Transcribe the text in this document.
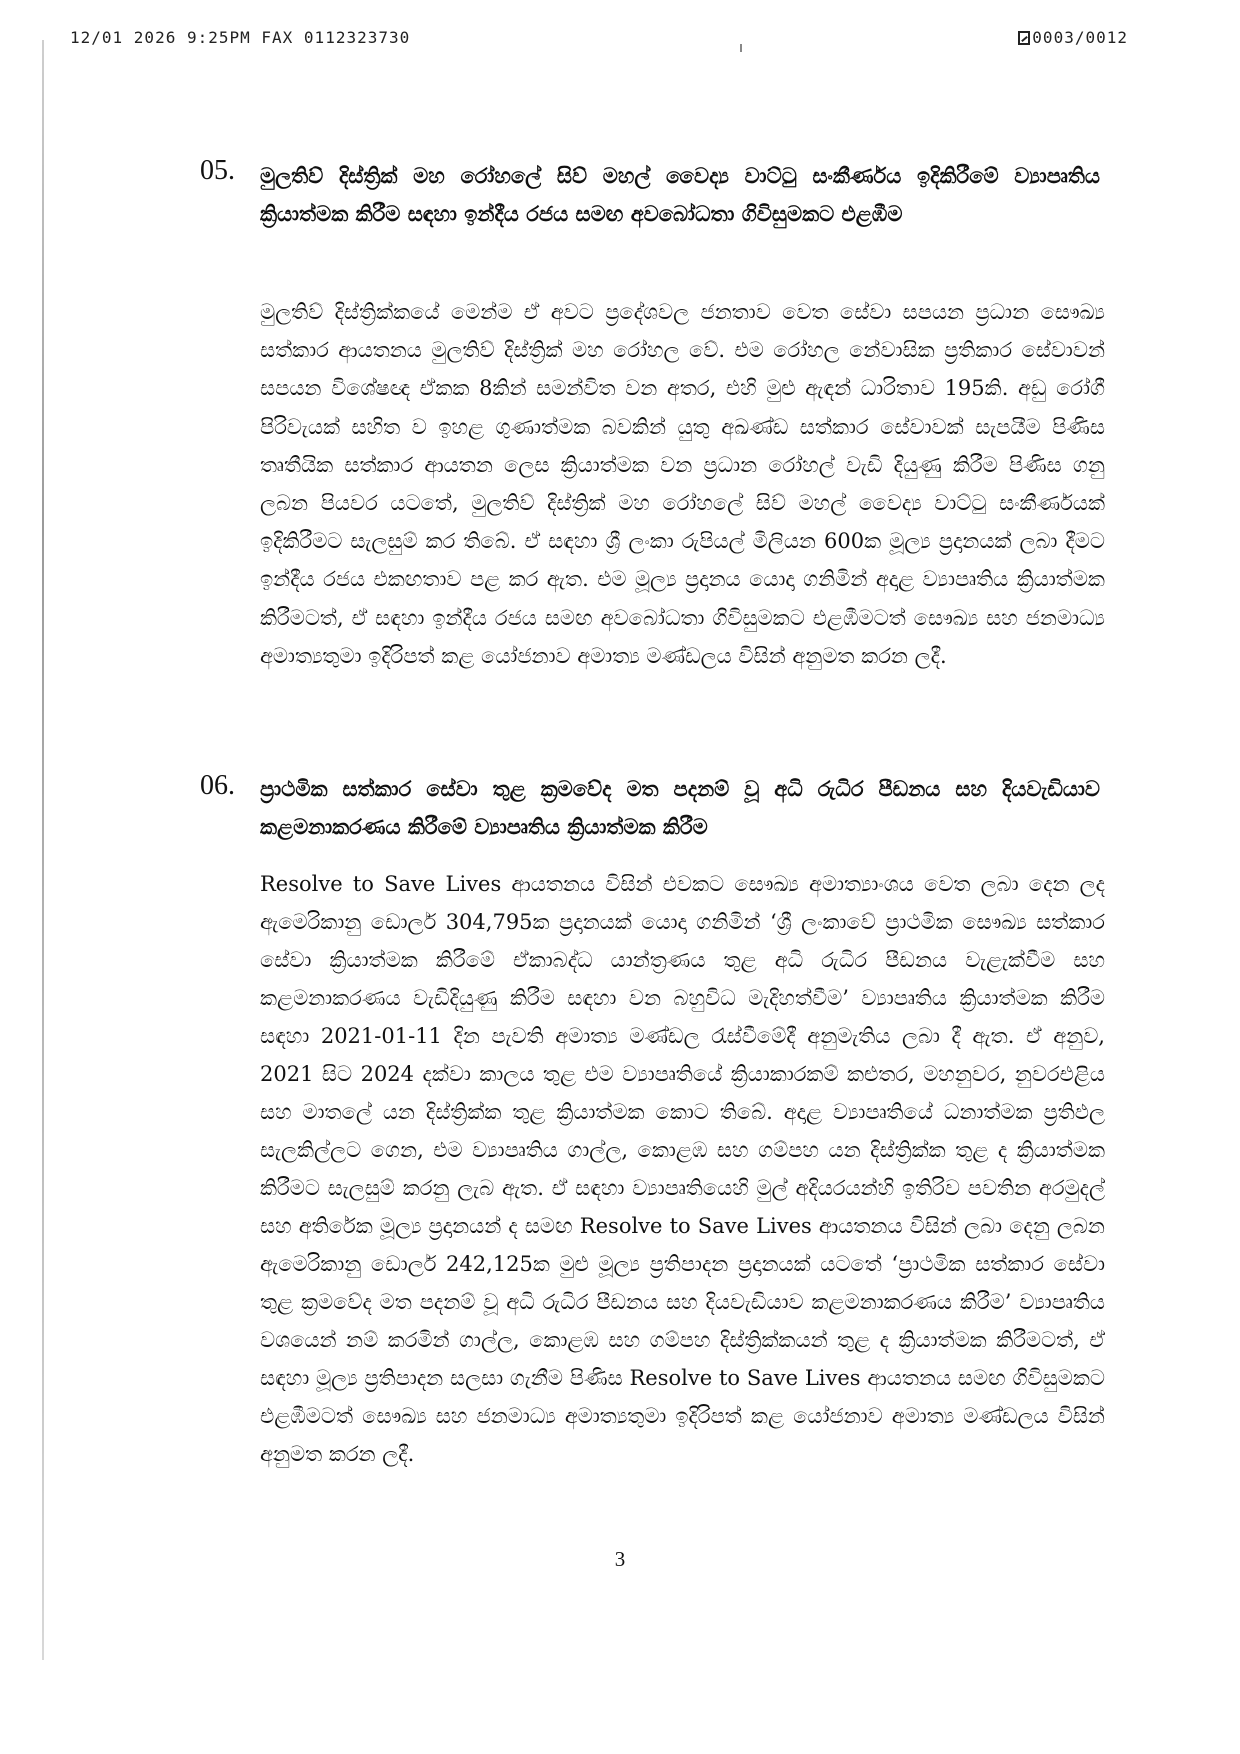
12/01 2026 9:25PM FAX 0112323730	0003/0012
05. මුලතිව් දිස්ත්‍රික් මහ රෝහලේ සිව් මහල් වෛද්‍ය වාට්ටු සංකීර්ණය ඉදිකිරීමේ ව්‍යාපෘතිය ක්‍රියාත්මක කිරීම සඳහා ඉන්දීය රජය සමඟ අවබෝධතා ගිවිසුමකට එළඹීම
මුලතිව් දිස්ත්‍රික්කයේ මෙන්ම ඒ අවට ප්‍රදේශවල ජනතාව වෙත සේවා සපයන ප්‍රධාන සෞඛ්‍ය සත්කාර ආයතනය මුලතිව් දිස්ත්‍රික් මහ රෝහල වේ. එම රෝහල නේවාසික ප්‍රතිකාර සේවාවන් සපයන විශේෂඥ ඒකක 8කින් සමන්විත වන අතර, එහි මුළු ඇඳන් ධාරිතාව 195කි. අඩු රෝගී පිරිවැයක් සහිත ව ඉහළ ගුණාත්මක බවකින් යුතු අඛණ්ඩ සත්කාර සේවාවක් සැපයීම පිණිස තෘතීයික සත්කාර ආයතන ලෙස ක්‍රියාත්මක වන ප්‍රධාන රෝහල් වැඩි දියුණු කිරීම පිණිස ගනු ලබන පියවර යටතේ, මුලතිව් දිස්ත්‍රික් මහ රෝහලේ සිව් මහල් වෛද්‍ය වාට්ටු සංකීර්ණයක් ඉදිකිරීමට සැලසුම් කර තිබේ. ඒ සඳහා ශ්‍රී ලංකා රුපියල් මිලියන 600ක මූල්‍ය ප්‍රදානයක් ලබා දීමට ඉන්දීය රජය එකඟතාව පළ කර ඇත. එම මූල්‍ය ප්‍රදානය යොදා ගනිමින් අදාළ ව්‍යාපෘතිය ක්‍රියාත්මක කිරීමටත්, ඒ සඳහා ඉන්දීය රජය සමඟ අවබෝධතා ගිවිසුමකට එළඹීමටත් සෞඛ්‍ය සහ ජනමාධ්‍ය අමාත්‍යතුමා ඉදිරිපත් කළ යෝජනාව අමාත්‍ය මණ්ඩලය විසින් අනුමත කරන ලදී.
06. ප්‍රාථමික සත්කාර සේවා තුළ ක්‍රමවේද මත පදනම් වූ අධි රුධිර පීඩනය සහ දියවැඩියාව කළමනාකරණය කිරීමේ ව්‍යාපෘතිය ක්‍රියාත්මක කිරීම
Resolve to Save Lives ආයතනය විසින් එවකට සෞඛ්‍ය අමාත්‍යාංශය වෙත ලබා දෙන ලද ඇමෙරිකානු ඩොලර් 304,795ක ප්‍රදානයක් යොදා ගනිමින් ‘ශ්‍රී ලංකාවේ ප්‍රාථමික සෞඛ්‍ය සත්කාර සේවා ක්‍රියාත්මක කිරීමේ ඒකාබද්ධ යාන්ත්‍රණය තුළ අධි රුධිර පීඩනය වැළැක්වීම සහ කළමනාකරණය වැඩිදියුණු කිරීම සඳහා වන බහුවිධ මැදිහත්වීම’ ව්‍යාපෘතිය ක්‍රියාත්මක කිරීම සඳහා 2021-01-11 දින පැවති අමාත්‍ය මණ්ඩල රැස්වීමේදී අනුමැතිය ලබා දී ඇත. ඒ අනුව, 2021 සිට 2024 දක්වා කාලය තුළ එම ව්‍යාපෘතියේ ක්‍රියාකාරකම් කළුතර, මහනුවර, නුවරඑළිය සහ මාතලේ යන දිස්ත්‍රික්ක තුළ ක්‍රියාත්මක කොට තිබේ. අදාළ ව්‍යාපෘතියේ ධනාත්මක ප්‍රතිඵල සැලකිල්ලට ගෙන, එම ව්‍යාපෘතිය ගාල්ල, කොළඹ සහ ගම්පහ යන දිස්ත්‍රික්ක තුළ ද ක්‍රියාත්මක කිරීමට සැලසුම් කරනු ලැබ ඇත. ඒ සඳහා ව්‍යාපෘතියෙහි මුල් අදියරයන්හි ඉතිරිව පවතින අරමුදල් සහ අතිරේක මූල්‍ය ප්‍රදානයන් ද සමඟ Resolve to Save Lives ආයතනය විසින් ලබා දෙනු ලබන ඇමෙරිකානු ඩොලර් 242,125ක මුළු මූල්‍ය ප්‍රතිපාදන ප්‍රදානයක් යටතේ ‘ප්‍රාථමික සත්කාර සේවා තුළ ක්‍රමවේද මත පදනම් වූ අධි රුධිර පීඩනය සහ දියවැඩියාව කළමනාකරණය කිරීම’ ව්‍යාපෘතිය වශයෙන් නම් කරමින් ගාල්ල, කොළඹ සහ ගම්පහ දිස්ත්‍රික්කයන් තුළ ද ක්‍රියාත්මක කිරීමටත්, ඒ සඳහා මූල්‍ය ප්‍රතිපාදන සලසා ගැනීම පිණිස Resolve to Save Lives ආයතනය සමඟ ගිවිසුමකට එළඹීමටත් සෞඛ්‍ය සහ ජනමාධ්‍ය අමාත්‍යතුමා ඉදිරිපත් කළ යෝජනාව අමාත්‍ය මණ්ඩලය විසින් අනුමත කරන ලදී.
3
